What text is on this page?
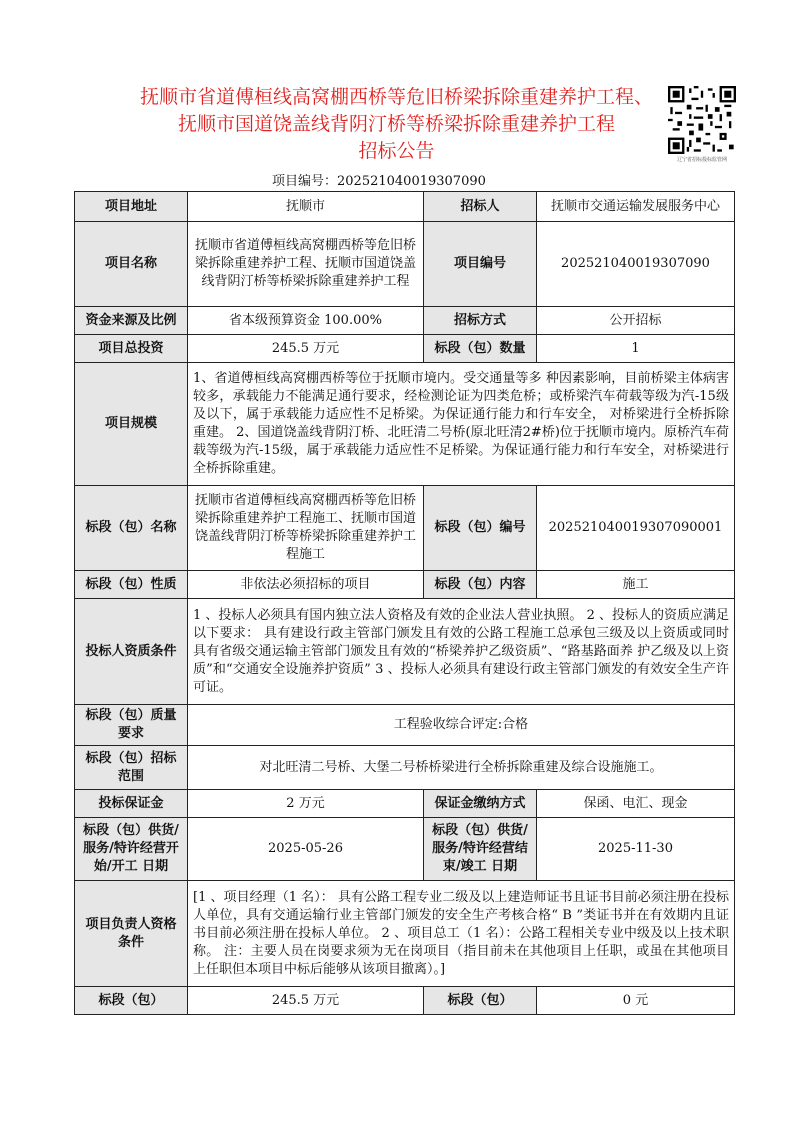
抚顺市省道傅桓线高窝棚西桥等危旧桥梁拆除重建养护工程、
抚顺市国道饶盖线背阴汀桥等桥梁拆除重建养护工程
招标公告	辽宁省招标投标监管网
项目编号：202521040019307090
项目地址	抚顺市	招标人	抚顺市交通运输发展服务中心
项目名称	抚顺市省道傅桓线高窝棚西桥等危旧桥梁拆除重建养护工程、抚顺市国道饶盖线背阴汀桥等桥梁拆除重建养护工程	项目编号	202521040019307090
资金来源及比例	省本级预算资金 100.00%	招标方式	公开招标
项目总投资	245.5 万元	标段（包）数量	1
项目规模	1、省道傅桓线高窝棚西桥等位于抚顺市境内。受交通量等多 种因素影响，目前桥梁主体病害较多，承载能力不能满足通行要求，经检测论证为四类危桥；或桥梁汽车荷载等级为汽-15级及以下，属于承载能力适应性不足桥梁。为保证通行能力和行车安全， 对桥梁进行全桥拆除重建。 2、国道饶盖线背阴汀桥、北旺清二号桥(原北旺清2#桥)位于抚顺市境内。原桥汽车荷载等级为汽-15级，属于承载能力适应性不足桥梁。为保证通行能力和行车安全，对桥梁进行全桥拆除重建。		
标段（包）名称	抚顺市省道傅桓线高窝棚西桥等危旧桥梁拆除重建养护工程施工、抚顺市国道饶盖线背阴汀桥等桥梁拆除重建养护工程施工	标段（包）编号	202521040019307090001
标段（包）性质	非依法必须招标的项目	标段（包）内容	施工
投标人资质条件	1 、投标人必须具有国内独立法人资格及有效的企业法人营业执照。 2 、投标人的资质应满足以下要求： 具有建设行政主管部门颁发且有效的公路工程施工总承包三级及以上资质或同时 具有省级交通运输主管部门颁发且有效的“桥梁养护乙级资质”、“路基路面养 护乙级及以上资质”和“交通安全设施养护资质” 3 、投标人必须具有建设行政主管部门颁发的有效安全生产许可证。		
标段（包）质量要求	工程验收综合评定:合格		
标段（包）招标范围	对北旺清二号桥、大堡二号桥桥梁进行全桥拆除重建及综合设施施工。		
投标保证金	2 万元	保证金缴纳方式	保函、电汇、现金
标段（包）供货/服务/特许经营开始/开工 日期	2025-05-26	标段（包）供货/服务/特许经营结束/竣工 日期	2025-11-30
项目负责人资格条件	[1 、项目经理（1 名）： 具有公路工程专业二级及以上建造师证书且证书目前必须注册在投标人单位，具有交通运输行业主管部门颁发的安全生产考核合格“ B ”类证书并在有效期内且证书目前必须注册在投标人单位。 2 、项目总工（1 名）：公路工程相关专业中级及以上技术职称。 注：主要人员在岗要求须为无在岗项目（指目前未在其他项目上任职，或虽在其他项目上任职但本项目中标后能够从该项目撤离）。]		
标段（包）	245.5 万元	标段（包）	0 元
